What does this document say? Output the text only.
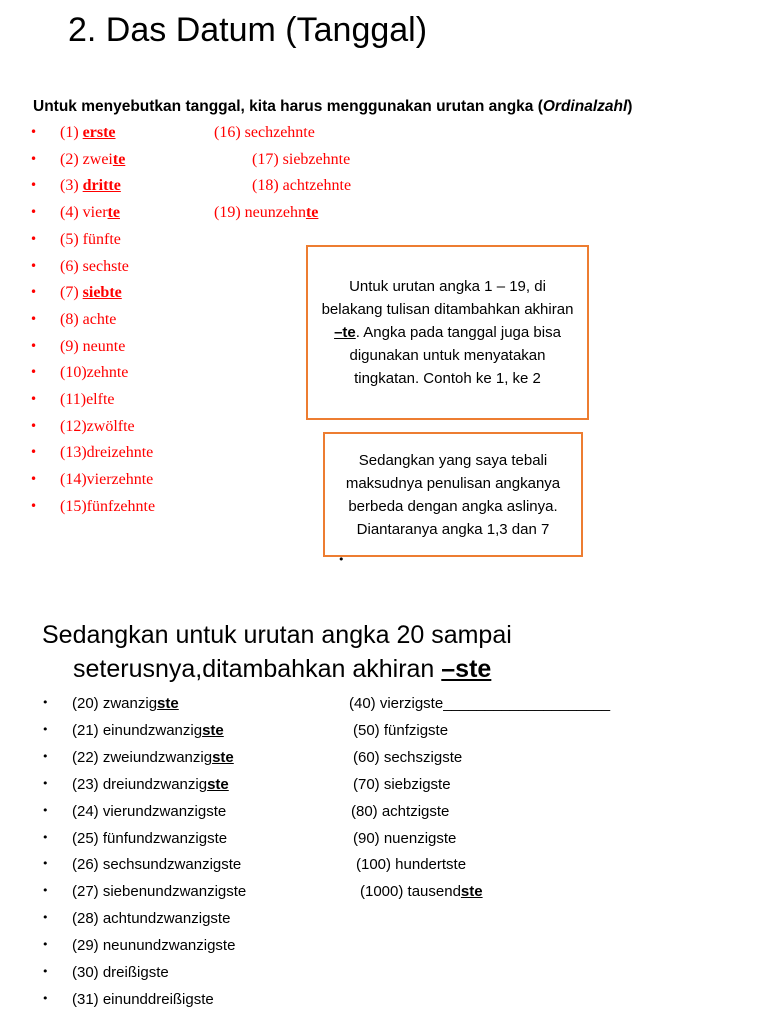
2. Das Datum (Tanggal)
Untuk menyebutkan tanggal, kita harus menggunakan urutan angka (Ordinalzahl)
• (1) erste
• (2) zweite
• (3) dritte
• (4) vierte
• (5) fünfte
• (6) sechste
• (7) siebte
• (8) achte
• (9) neunte
• (10)zehnte
• (11)elfte
• (12)zwölfte
• (13)dreizehnte
• (14)vierzehnte
• (15)fünfzehnte
(16) sechzehnte
(17) siebzehnte
(18) achtzehnte
(19) neunzehnte
Untuk urutan angka 1 – 19, di belakang tulisan ditambahkan akhiran –te. Angka pada tanggal juga bisa digunakan untuk menyatakan tingkatan. Contoh ke 1, ke 2
Sedangkan yang saya tebali maksudnya penulisan angkanya berbeda dengan angka aslinya. Diantaranya angka 1,3 dan 7
•
Sedangkan untuk urutan angka 20 sampai
seterusnya,ditambahkan akhiran –ste
• (20) zwanzigste
• (21) einundzwanzigste
• (22) zweiundzwanzigste
• (23) dreiundzwanzigste
• (24) vierundzwanzigste
• (25) fünfundzwanzigste
• (26) sechsundzwanzigste
• (27) siebenundzwanzigste
• (28) achtundzwanzigste
• (29) neunundzwanzigste
• (30) dreißigste
• (31) einunddreißigste
(40) vierzigste____________________
(50) fünfzigste
(60) sechszigste
(70) siebzigste
(80) achtzigste
(90) nuenzigste
(100) hundertste
(1000) tausendste
